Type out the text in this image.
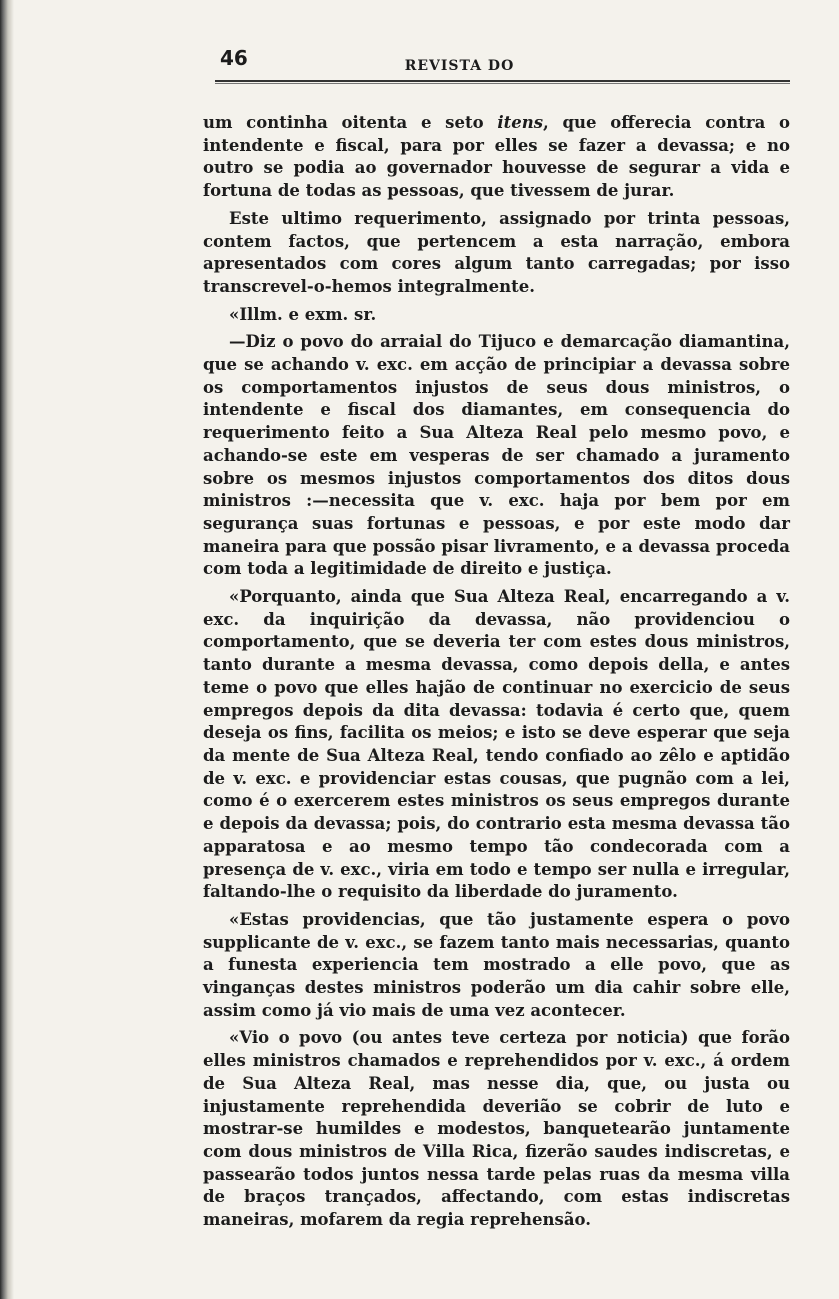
46	REVISTA DO

um continha oitenta e seto itens, que offerecia contra o intendente e fiscal, para por elles se fazer a devassa; e no outro se podia ao governador houvesse de segurar a vida e fortuna de todas as pessoas, que tivessem de jurar.

Este ultimo requerimento, assignado por trinta pessoas, contem factos, que pertencem a esta narração, embora apresentados com cores algum tanto carregadas; por isso transcrevel-o-hemos integralmente.

«Illm. e exm. sr.

—Diz o povo do arraial do Tijuco e demarcação diamantina, que se achando v. exc. em acção de principiar a devassa sobre os comportamentos injustos de seus dous ministros, o intendente e fiscal dos diamantes, em consequencia do requerimento feito a Sua Alteza Real pelo mesmo povo, e achando-se este em vesperas de ser chamado a juramento sobre os mesmos injustos comportamentos dos ditos dous ministros :—necessita que v. exc. haja por bem por em segurança suas fortunas e pessoas, e por este modo dar maneira para que possão pisar livramento, e a devassa proceda com toda a legitimidade de direito e justiça.

«Porquanto, ainda que Sua Alteza Real, encarregando a v. exc. da inquirição da devassa, não providenciou o comportamento, que se deveria ter com estes dous ministros, tanto durante a mesma devassa, como depois della, e antes teme o povo que elles hajão de continuar no exercicio de seus empregos depois da dita devassa: todavia é certo que, quem deseja os fins, facilita os meios; e isto se deve esperar que seja da mente de Sua Alteza Real, tendo confiado ao zêlo e aptidão de v. exc. e providenciar estas cousas, que pugnão com a lei, como é o exercerem estes ministros os seus empregos durante e depois da devassa; pois, do contrario esta mesma devassa tão apparatosa e ao mesmo tempo tão condecorada com a presença de v. exc., viria em todo e tempo ser nulla e irregular, faltando-lhe o requisito da liberdade do juramento.

«Estas providencias, que tão justamente espera o povo supplicante de v. exc., se fazem tanto mais necessarias, quanto a funesta experiencia tem mostrado a elle povo, que as vinganças destes ministros poderão um dia cahir sobre elle, assim como já vio mais de uma vez acontecer.

«Vio o povo (ou antes teve certeza por noticia) que forão elles ministros chamados e reprehendidos por v. exc., á ordem de Sua Alteza Real, mas nesse dia, que, ou justa ou injustamente reprehendida deverião se cobrir de luto e mostrar-se humildes e modestos, banquetearão juntamente com dous ministros de Villa Rica, fizerão saudes indiscretas, e passearão todos juntos nessa tarde pelas ruas da mesma villa de braços trançados, affectando, com estas indiscretas maneiras, mofarem da regia reprehensão.
